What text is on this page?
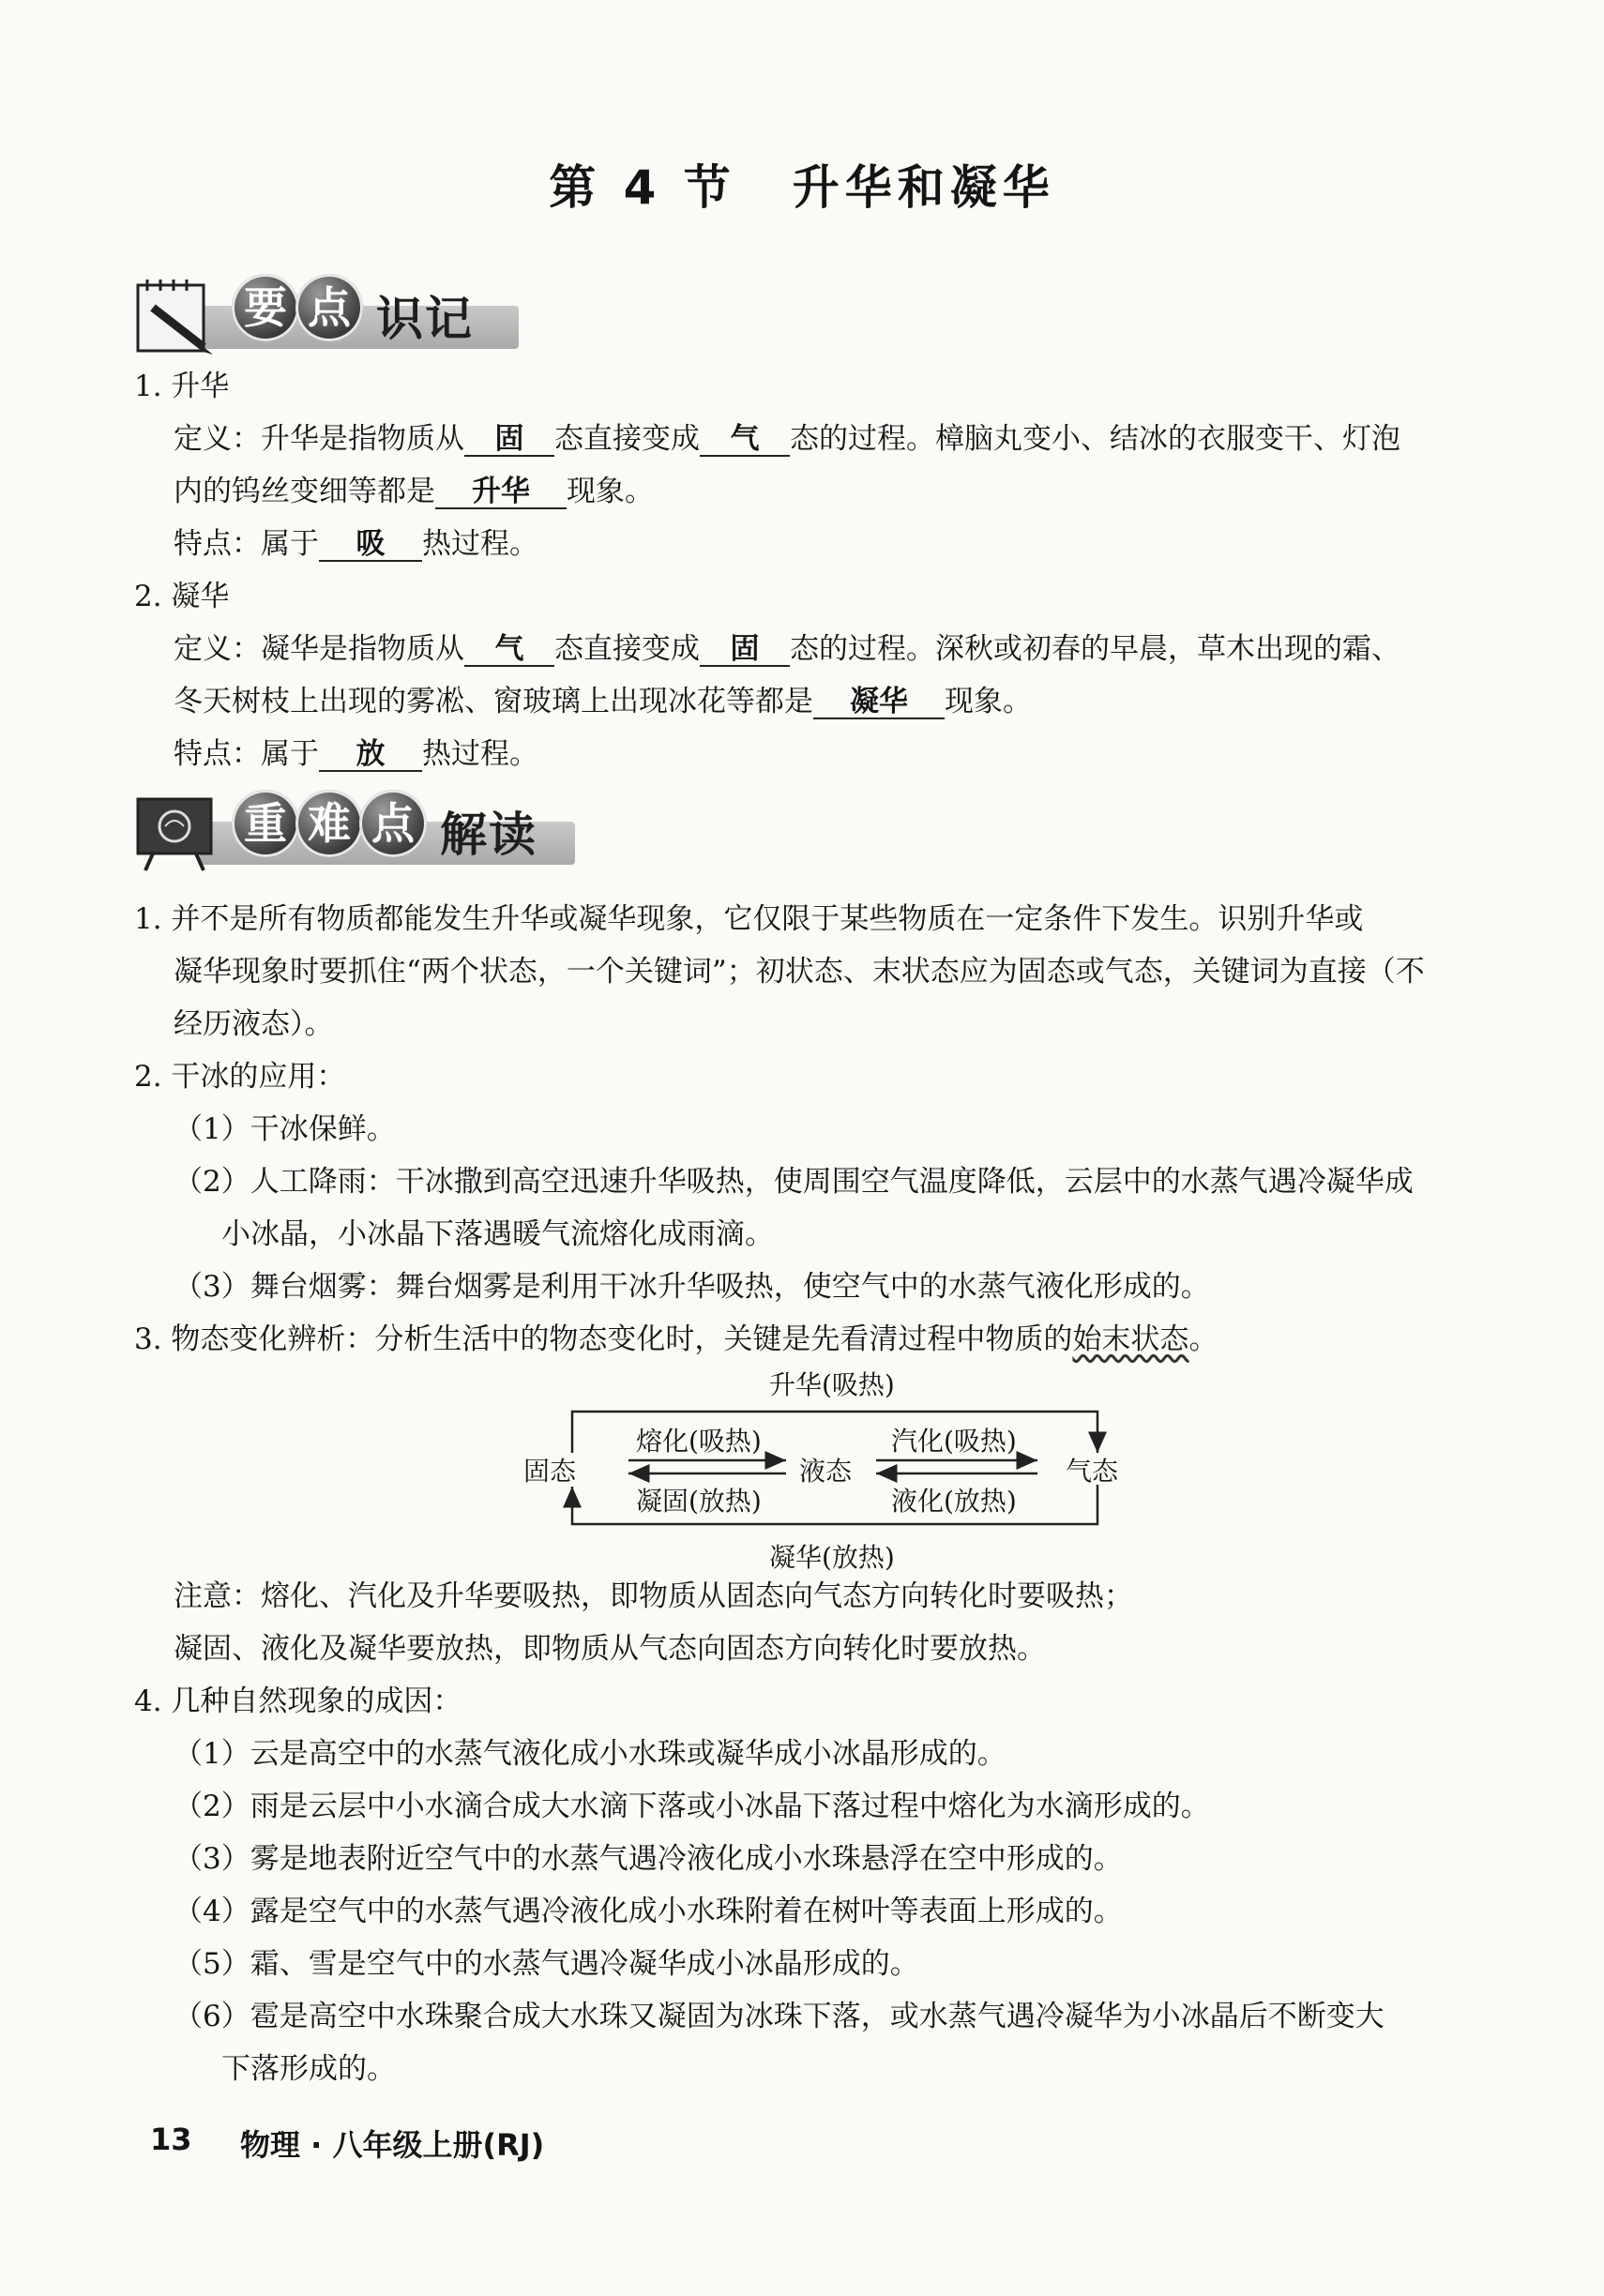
第 4 节 升华和凝华
要 点 识记
1. 升华
定义：升华是指物质从 固 态直接变成 气 态的过程。樟脑丸变小、结冰的衣服变干、灯泡
内的钨丝变细等都是 升华 现象。
特点：属于 吸 热过程。
2. 凝华
定义：凝华是指物质从 气 态直接变成 固 态的过程。深秋或初春的早晨，草木出现的霜、
冬天树枝上出现的雾凇、窗玻璃上出现冰花等都是 凝华 现象。
特点：属于 放 热过程。
重 难 点 解读
1. 并不是所有物质都能发生升华或凝华现象，它仅限于某些物质在一定条件下发生。识别升华或
凝华现象时要抓住“两个状态，一个关键词”；初状态、末状态应为固态或气态，关键词为直接（不
经历液态）。
2. 干冰的应用：
（1）干冰保鲜。
（2）人工降雨：干冰撒到高空迅速升华吸热，使周围空气温度降低，云层中的水蒸气遇冷凝华成
小冰晶，小冰晶下落遇暖气流熔化成雨滴。
（3）舞台烟雾：舞台烟雾是利用干冰升华吸热，使空气中的水蒸气液化形成的。
3. 物态变化辨析：分析生活中的物态变化时，关键是先看清过程中物质的始末状态。
升华(吸热)
凝华(放热)
固态	液态	气态
熔化(吸热)
凝固(放热)
汽化(吸热)
液化(放热)
注意：熔化、汽化及升华要吸热，即物质从固态向气态方向转化时要吸热；
凝固、液化及凝华要放热，即物质从气态向固态方向转化时要放热。
4. 几种自然现象的成因：
（1）云是高空中的水蒸气液化成小水珠或凝华成小冰晶形成的。
（2）雨是云层中小水滴合成大水滴下落或小冰晶下落过程中熔化为水滴形成的。
（3）雾是地表附近空气中的水蒸气遇冷液化成小水珠悬浮在空中形成的。
（4）露是空气中的水蒸气遇冷液化成小水珠附着在树叶等表面上形成的。
（5）霜、雪是空气中的水蒸气遇冷凝华成小冰晶形成的。
（6）雹是高空中水珠聚合成大水珠又凝固为冰珠下落，或水蒸气遇冷凝华为小冰晶后不断变大
下落形成的。
13 物理 · 八年级上册(RJ)
